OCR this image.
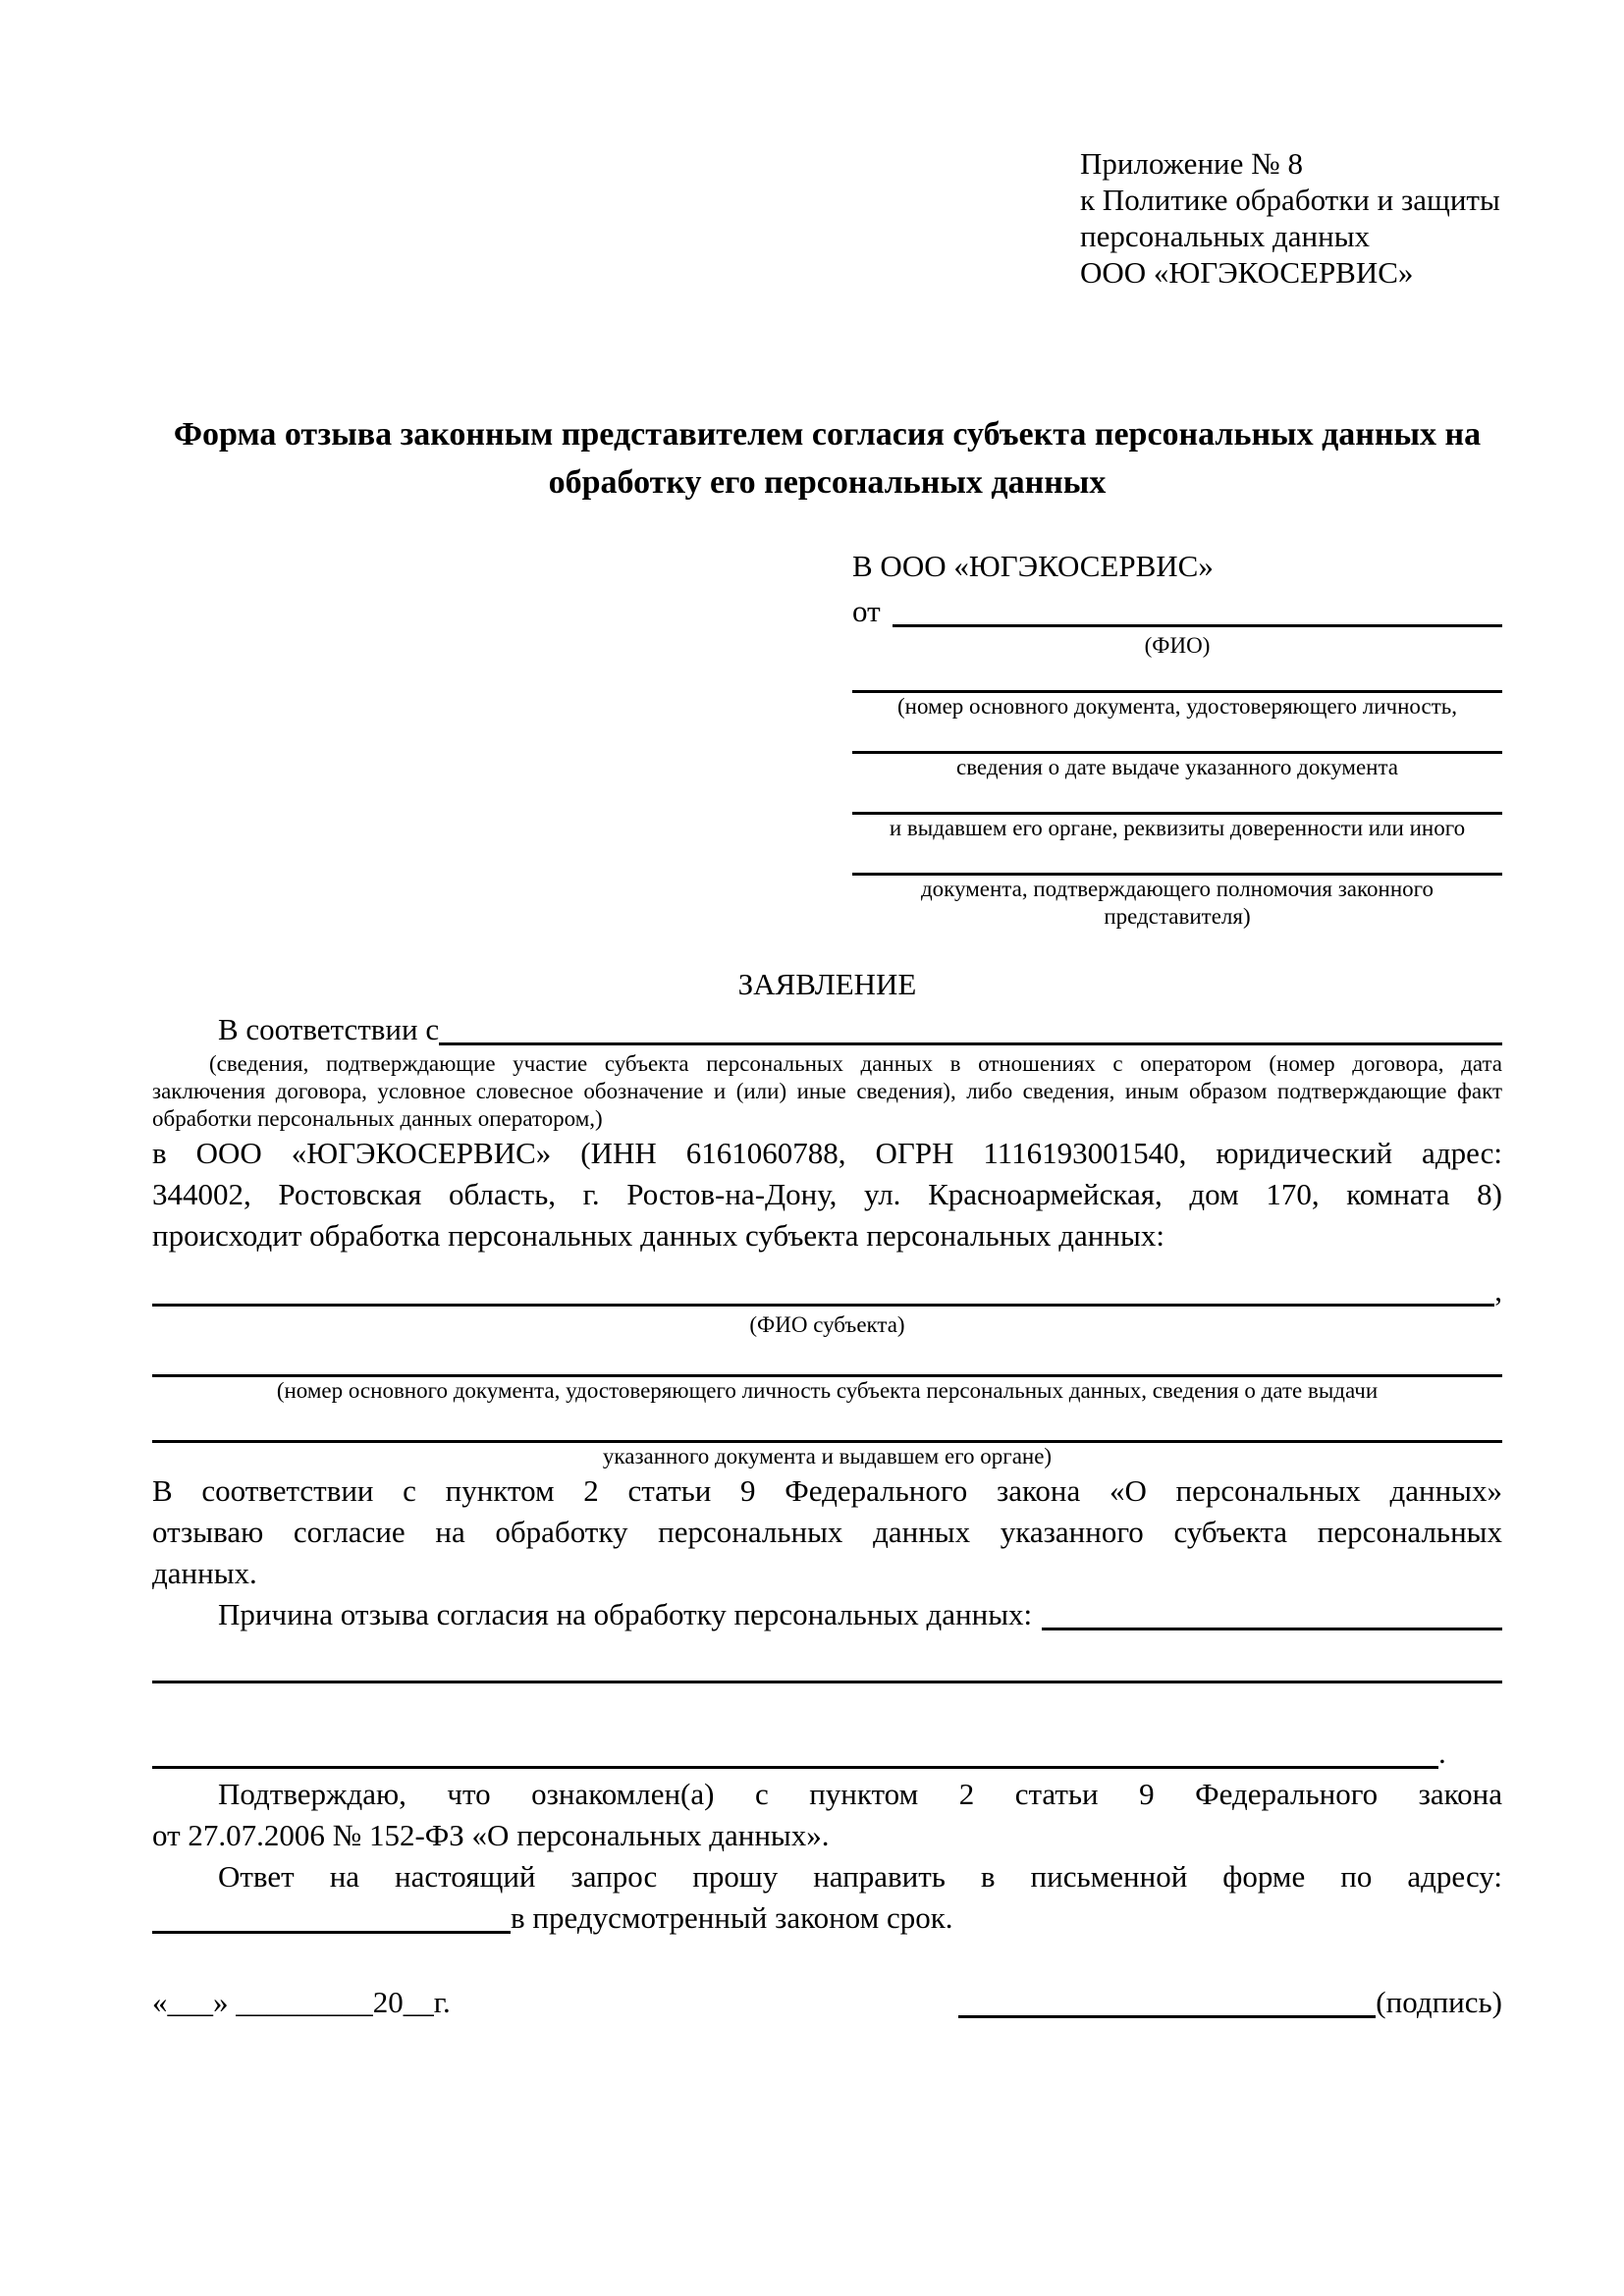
Приложение № 8
к Политике обработки и защиты
персональных данных
ООО «ЮГЭКОСЕРВИС»
Форма отзыва законным представителем согласия субъекта персональных данных на обработку его персональных данных
В ООО «ЮГЭКОСЕРВИС»
от
(ФИО)
(номер основного документа, удостоверяющего личность,
сведения о дате выдаче указанного документа
и выдавшем его органе, реквизиты доверенности или иного
документа, подтверждающего полномочия законного представителя)
ЗАЯВЛЕНИЕ
В соответствии с
(сведения, подтверждающие участие субъекта персональных данных в отношениях с оператором (номер договора, дата
заключения договора, условное словесное обозначение и (или) иные сведения), либо сведения, иным образом подтверждающие факт
обработки персональных данных оператором,)
в ООО «ЮГЭКОСЕРВИС» (ИНН 6161060788, ОГРН 1116193001540, юридический адрес:
344002, Ростовская область, г. Ростов-на-Дону, ул. Красноармейская, дом 170, комната 8)
происходит обработка персональных данных субъекта персональных данных:
,
(ФИО субъекта)
(номер основного документа, удостоверяющего личность субъекта персональных данных, сведения о дате выдачи
указанного документа и выдавшем его органе)
В соответствии с пунктом 2 статьи 9 Федерального закона «О персональных данных»
отзываю согласие на обработку персональных данных указанного субъекта персональных
данных.
Причина отзыва согласия на обработку персональных данных:
.
Подтверждаю, что ознакомлен(а) с пунктом 2 статьи 9 Федерального закона
от 27.07.2006 № 152-ФЗ «О персональных данных».
Ответ на настоящий запрос прошу направить в письменной форме по адресу:
в предусмотренный законом срок.
«___» _________20__г.	(подпись)
